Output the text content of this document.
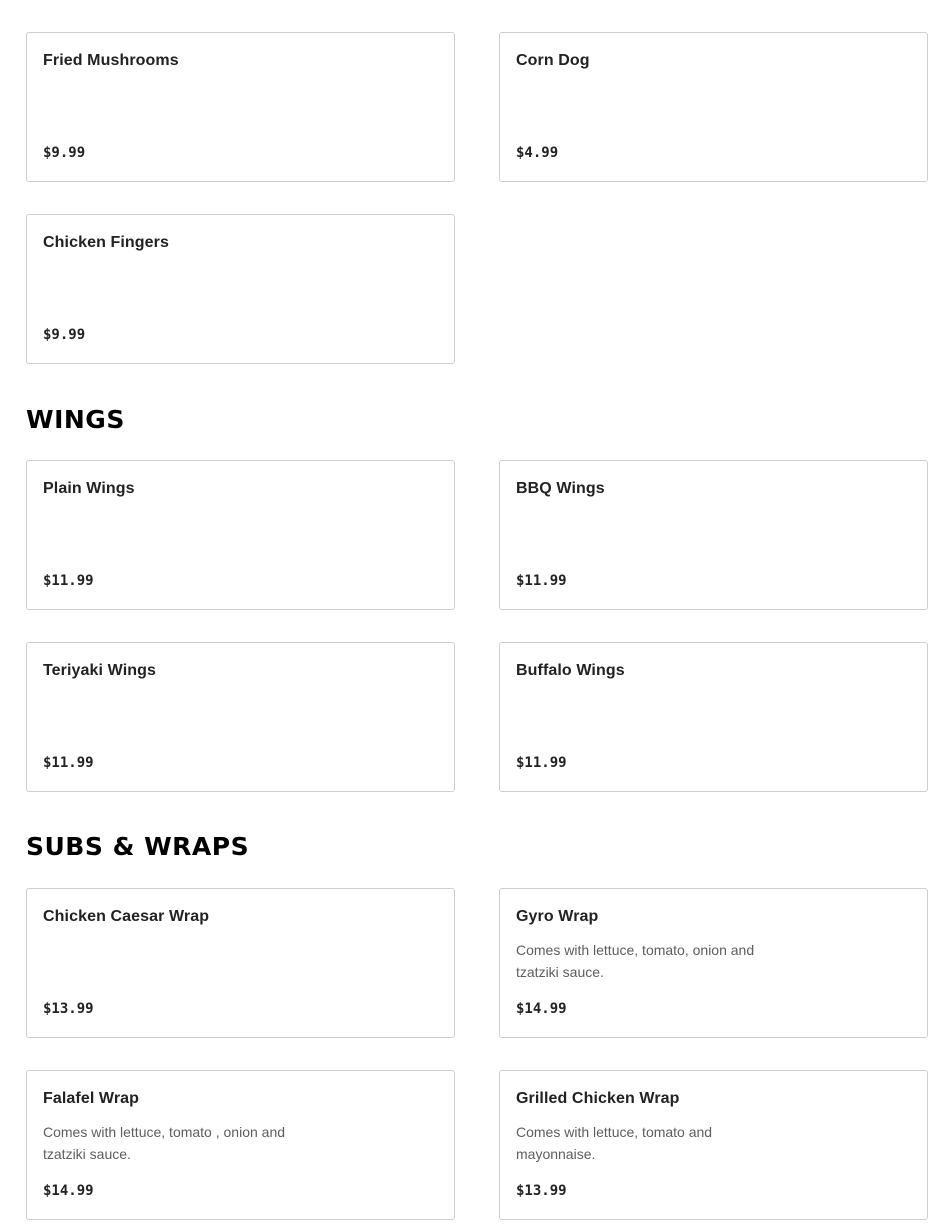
Fried Mushrooms
$9.99
Corn Dog
$4.99
Chicken Fingers
$9.99
WINGS
Plain Wings
$11.99
BBQ Wings
$11.99
Teriyaki Wings
$11.99
Buffalo Wings
$11.99
SUBS & WRAPS
Chicken Caesar Wrap
$13.99
Gyro Wrap
Comes with lettuce, tomato, onion and tzatziki sauce.
$14.99
Falafel Wrap
Comes with lettuce, tomato , onion and tzatziki sauce.
$14.99
Grilled Chicken Wrap
Comes with lettuce, tomato and mayonnaise.
$13.99
